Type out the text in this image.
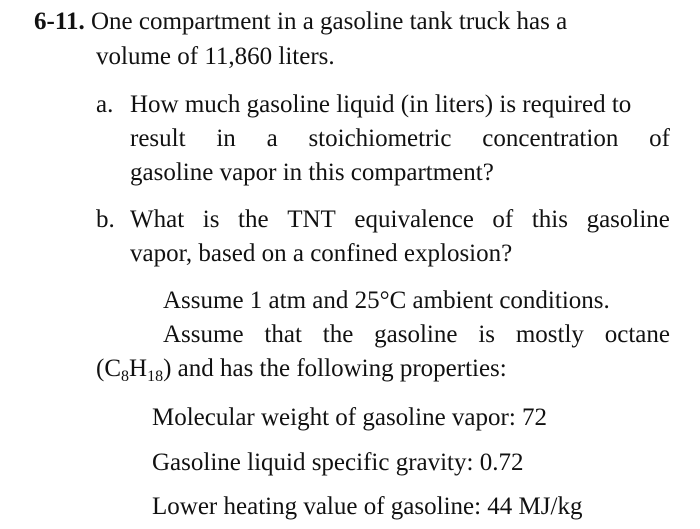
6-11. One compartment in a gasoline tank truck has a
volume of 11,860 liters.
a. How much gasoline liquid (in liters) is required to
result in a stoichiometric concentration of
gasoline vapor in this compartment?
b. What is the TNT equivalence of this gasoline
vapor, based on a confined explosion?
Assume 1 atm and 25°C ambient conditions.
Assume that the gasoline is mostly octane
$(C_8H_{18})$ and has the following properties:
Molecular weight of gasoline vapor: 72
Gasoline liquid specific gravity: 0.72
Lower heating value of gasoline: 44 MJ/kg
